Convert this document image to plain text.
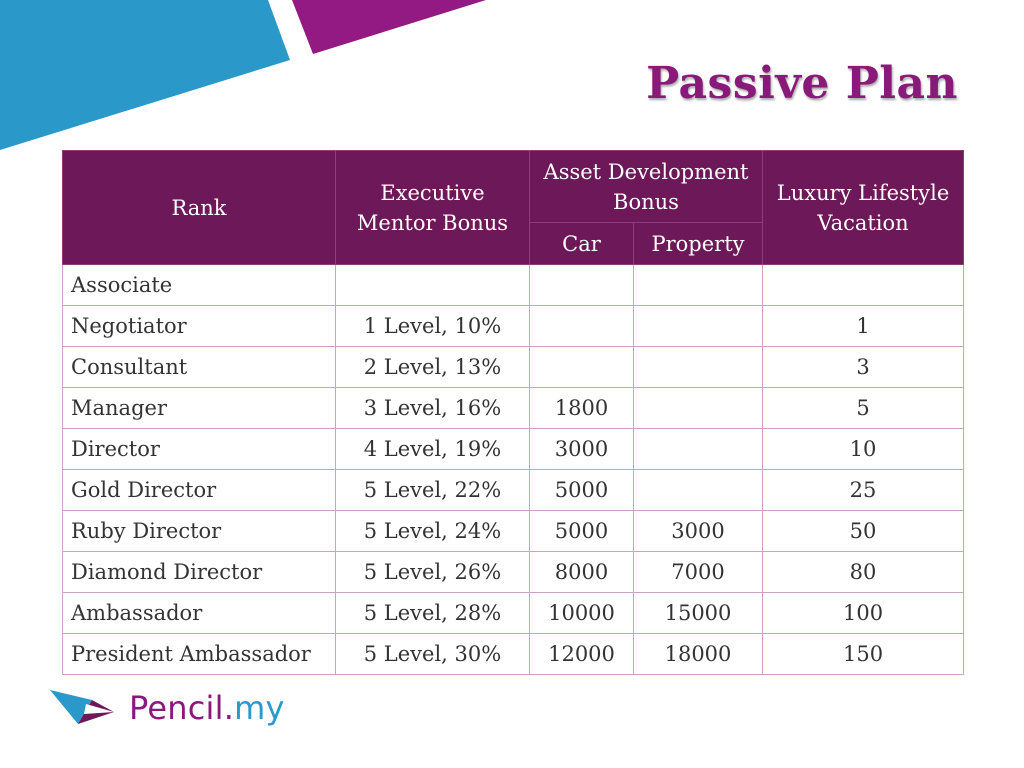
Passive Plan
Rank	Executive Mentor Bonus	Asset Development Bonus		Luxury Lifestyle Vacation
		Car	Property	
Associate				
Negotiator	1 Level, 10%			1
Consultant	2 Level, 13%			3
Manager	3 Level, 16%	1800		5
Director	4 Level, 19%	3000		10
Gold Director	5 Level, 22%	5000		25
Ruby Director	5 Level, 24%	5000	3000	50
Diamond Director	5 Level, 26%	8000	7000	80
Ambassador	5 Level, 28%	10000	15000	100
President Ambassador	5 Level, 30%	12000	18000	150
Pencil.my
